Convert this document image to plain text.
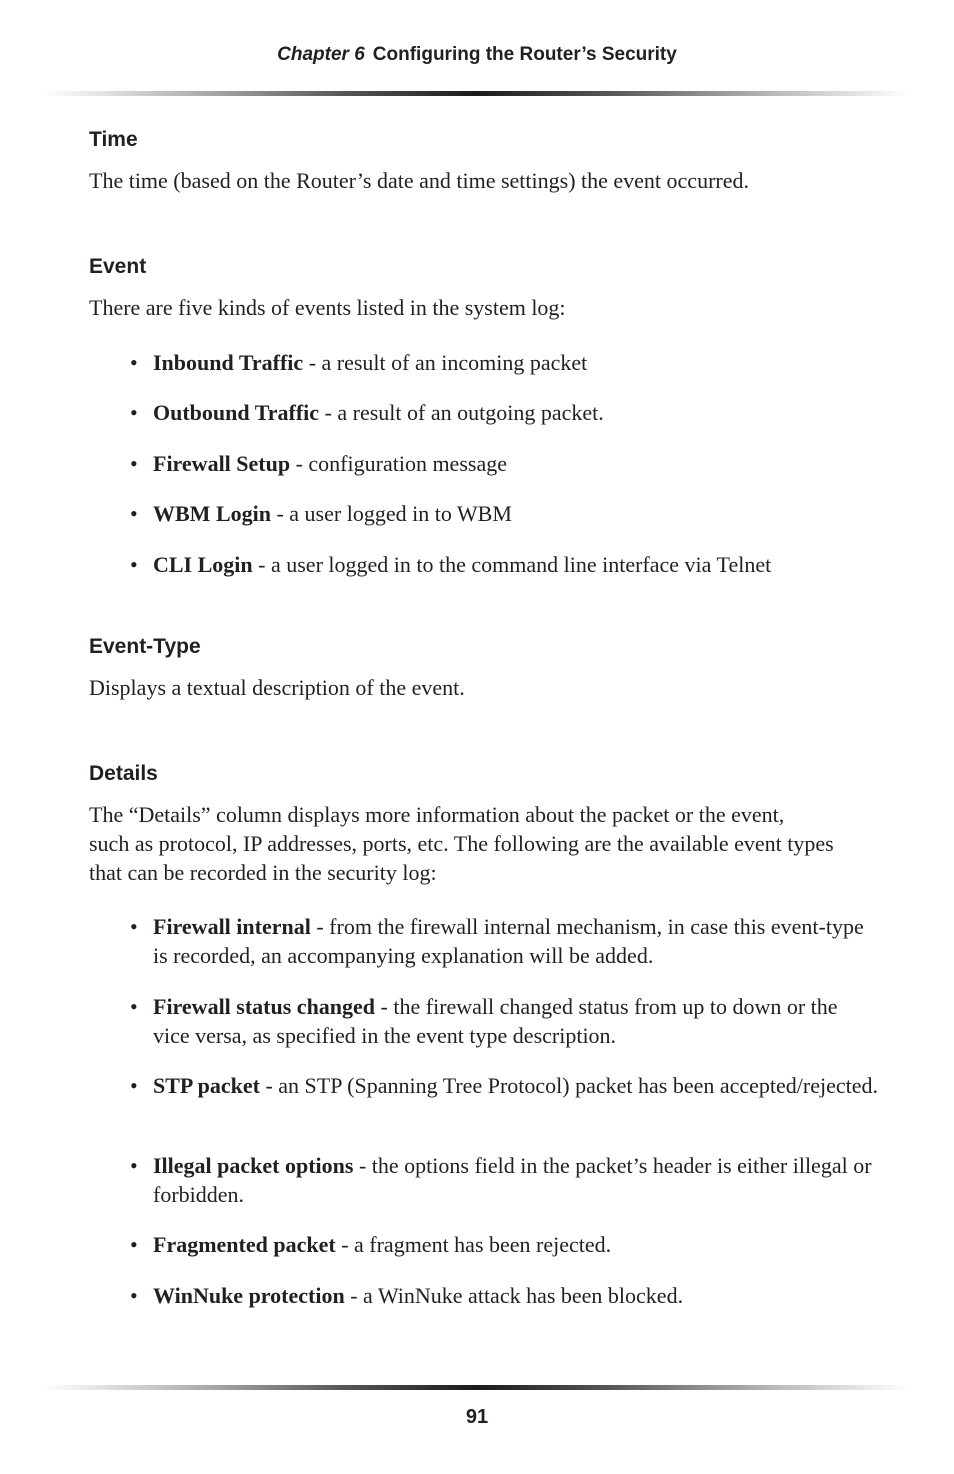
Chapter 6 Configuring the Router’s Security
Time

The time (based on the Router’s date and time settings) the event occurred.

Event

There are five kinds of events listed in the system log:

• Inbound Traffic - a result of an incoming packet
• Outbound Traffic - a result of an outgoing packet.
• Firewall Setup - configuration message
• WBM Login - a user logged in to WBM
• CLI Login - a user logged in to the command line interface via Telnet
Event-Type

Displays a textual description of the event.

Details
The “Details” column displays more information about the packet or the event,
such as protocol, IP addresses, ports, etc. The following are the available event types
that can be recorded in the security log:
• Firewall internal - from the firewall internal mechanism, in case this event-type is recorded, an accompanying explanation will be added.
• Firewall status changed - the firewall changed status from up to down or the vice versa, as specified in the event type description.
• STP packet - an STP (Spanning Tree Protocol) packet has been accepted/rejected.
• Illegal packet options - the options field in the packet’s header is either illegal or forbidden.
• Fragmented packet - a fragment has been rejected.
• WinNuke protection - a WinNuke attack has been blocked.
91
